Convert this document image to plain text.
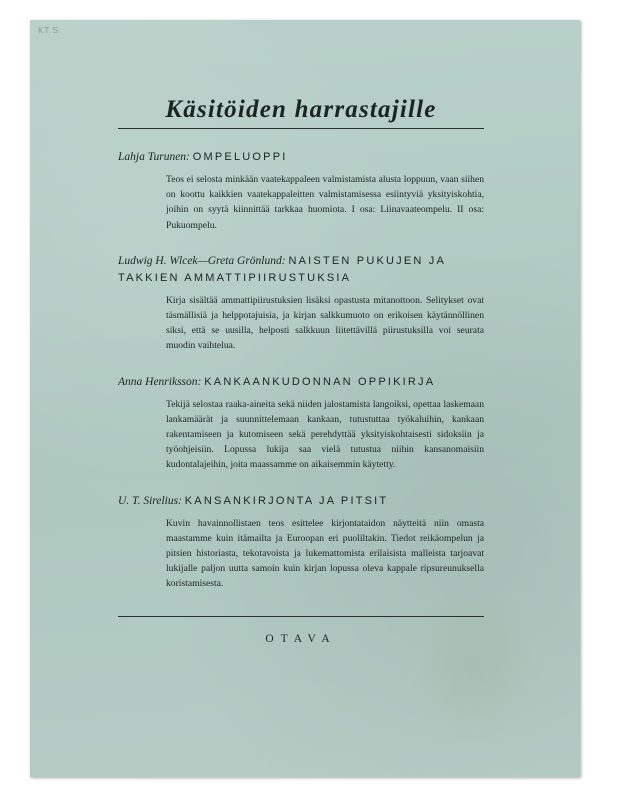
KT.S
Käsitöiden harrastajille

Lahja Turunen: OMPELUOPPI

Teos ei selosta minkään vaatekappaleen valmistamista alusta loppuun, vaan siihen on koottu kaikkien vaatekappaleitten valmistamisessa esiintyviä yksityiskohtia, joihin on syytä kiinnittää tarkkaa huomiota. I osa: Liinavaateompelu. II osa: Pukuompelu.

Ludwig H. Wlcek—Greta Grönlund: NAISTEN PUKUJEN JA TAKKIEN AMMATTIPIIRUSTUKSIA

Kirja sisältää ammattipiirustuksien lisäksi opastusta mitanottoon. Selitykset ovat täsmällisiä ja helppotajuisia, ja kirjan salkkumuoto on erikoisen käytännöllinen siksi, että se uusilla, helposti salkkuun liitettävillä piirustuksilla voi seurata muodin vaihtelua.

Anna Henriksson: KANKAANKUDONNAN OPPIKIRJA

Tekijä selostaa raaka-aineita sekä niiden jalostamista langoiksi, opettaa laskemaan lankamäärät ja suunnittelemaan kankaan, tutustuttaa työkaluihin, kankaan rakentamiseen ja kutomiseen sekä perehdyttää yksityiskohtaisesti sidoksiin ja työohjeisiin. Lopussa lukija saa vielä tutustua niihin kansanomaisiin kudontalajeihin, joita maassamme on aikaisemmin käytetty.

U. T. Sirelius: KANSANKIRJONTA JA PITSIT

Kuvin havainnollistaen teos esittelee kirjontataidon näytteitä niin omasta maastamme kuin itämailta ja Euroopan eri puoliltakin. Tiedot reikäompelun ja pitsien historiasta, tekotavoista ja lukemattomista erilaisista malleista tarjoavat lukijalle paljon uutta samoin kuin kirjan lopussa oleva kappale ripsureunuksella koristamisesta.

OTAVA
